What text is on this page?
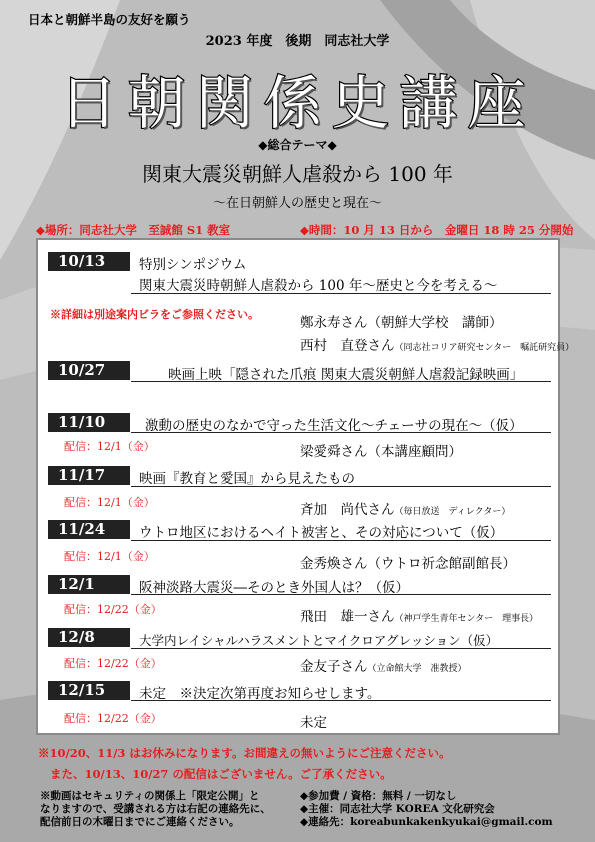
日本と朝鮮半島の友好を願う
2023 年度　後期　同志社大学
日朝関係史講座
◆総合テーマ◆
関東大震災朝鮮人虐殺から 100 年
～在日朝鮮人の歴史と現在～
◆場所：同志社大学　至誠館 S1 教室	◆時間：10 月 13 日から　金曜日 18 時 25 分開始
10/13	特別シンポジウム
関東大震災時朝鮮人虐殺から 100 年～歴史と今を考える～
※詳細は別途案内ビラをご参照ください。
鄭永寿さん（朝鮮大学校　講師）
西村　直登さん（同志社コリア研究センター　嘱託研究員）
10/27	映画上映「隠された爪痕 関東大震災朝鮮人虐殺記録映画」
11/10	激動の歴史のなかで守った生活文化～チェーサの現在～（仮）
配信：12/1（金）	梁愛舜さん（本講座顧問）
11/17	映画『教育と愛国』から見えたもの
配信：12/1（金）	斉加　尚代さん（毎日放送　ディレクター）
11/24	ウトロ地区におけるヘイト被害と、その対応について（仮）
配信：12/1（金）	金秀煥さん（ウトロ祈念館副館長）
12/1	阪神淡路大震災―そのとき外国人は？（仮）
配信：12/22（金）	飛田　雄一さん（神戸学生青年センター　理事長）
12/8	大学内レイシャルハラスメントとマイクロアグレッション（仮）
配信：12/22（金）	金友子さん（立命館大学　准教授）
12/15	未定　※決定次第再度お知らせします。
配信：12/22（金）	未定
※10/20、11/3 はお休みになります。お間違えの無いようにご注意ください。
また、10/13、10/27 の配信はございません。ご了承ください。
※動画はセキュリティの関係上「限定公開」と
なりますので、受講される方は右記の連絡先に、
配信前日の木曜日までにご連絡ください。
◆参加費 / 資格：無料 / 一切なし
◆主催：同志社大学 KOREA 文化研究会
◆連絡先：koreabunkakenkyukai@gmail.com
